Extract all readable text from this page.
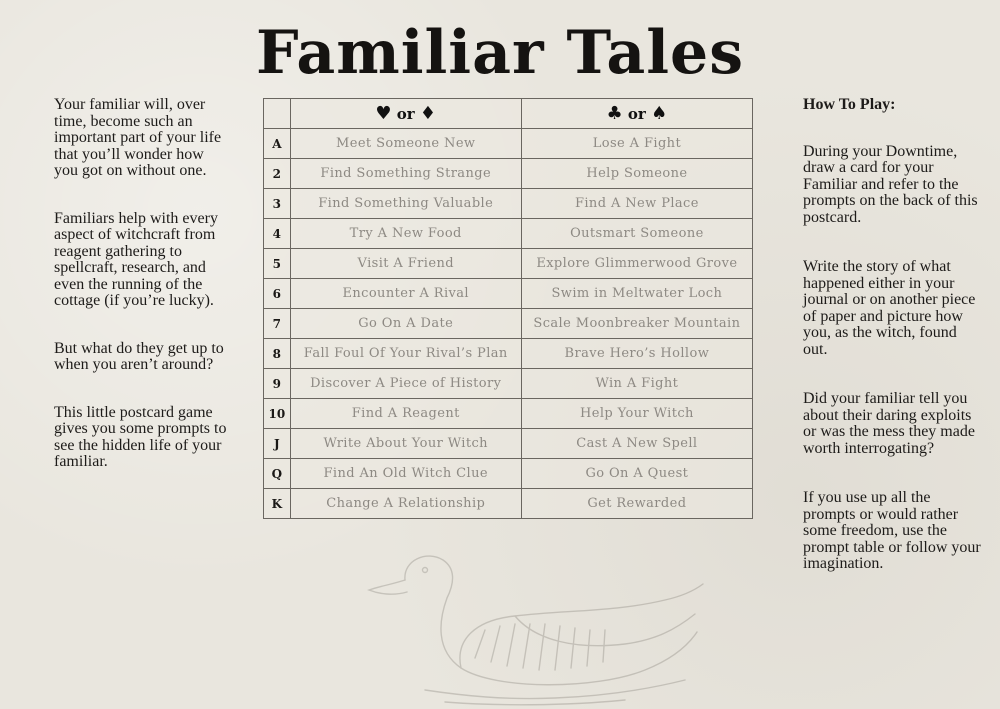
Familiar Tales

Your familiar will, over time, become such an important part of your life that you’ll wonder how you got on without one.

Familiars help with every aspect of witchcraft from reagent gathering to spellcraft, research, and even the running of the cottage (if you’re lucky).

But what do they get up to when you aren’t around?

This little postcard game gives you some prompts to see the hidden life of your familiar.

	♥ or ♦	♣ or ♠
A	Meet Someone New	Lose A Fight
2	Find Something Strange	Help Someone
3	Find Something Valuable	Find A New Place
4	Try A New Food	Outsmart Someone
5	Visit A Friend	Explore Glimmerwood Grove
6	Encounter A Rival	Swim in Meltwater Loch
7	Go On A Date	Scale Moonbreaker Mountain
8	Fall Foul Of Your Rival’s Plan	Brave Hero’s Hollow
9	Discover A Piece of History	Win A Fight
10	Find A Reagent	Help Your Witch
J	Write About Your Witch	Cast A New Spell
Q	Find An Old Witch Clue	Go On A Quest
K	Change A Relationship	Get Rewarded
How To Play:

During your Downtime, draw a card for your Familiar and refer to the prompts on the back of this postcard.

Write the story of what happened either in your journal or on another piece of paper and picture how you, as the witch, found out.

Did your familiar tell you about their daring exploits or was the mess they made worth interrogating?

If you use up all the prompts or would rather some freedom, use the prompt table or follow your imagination.
